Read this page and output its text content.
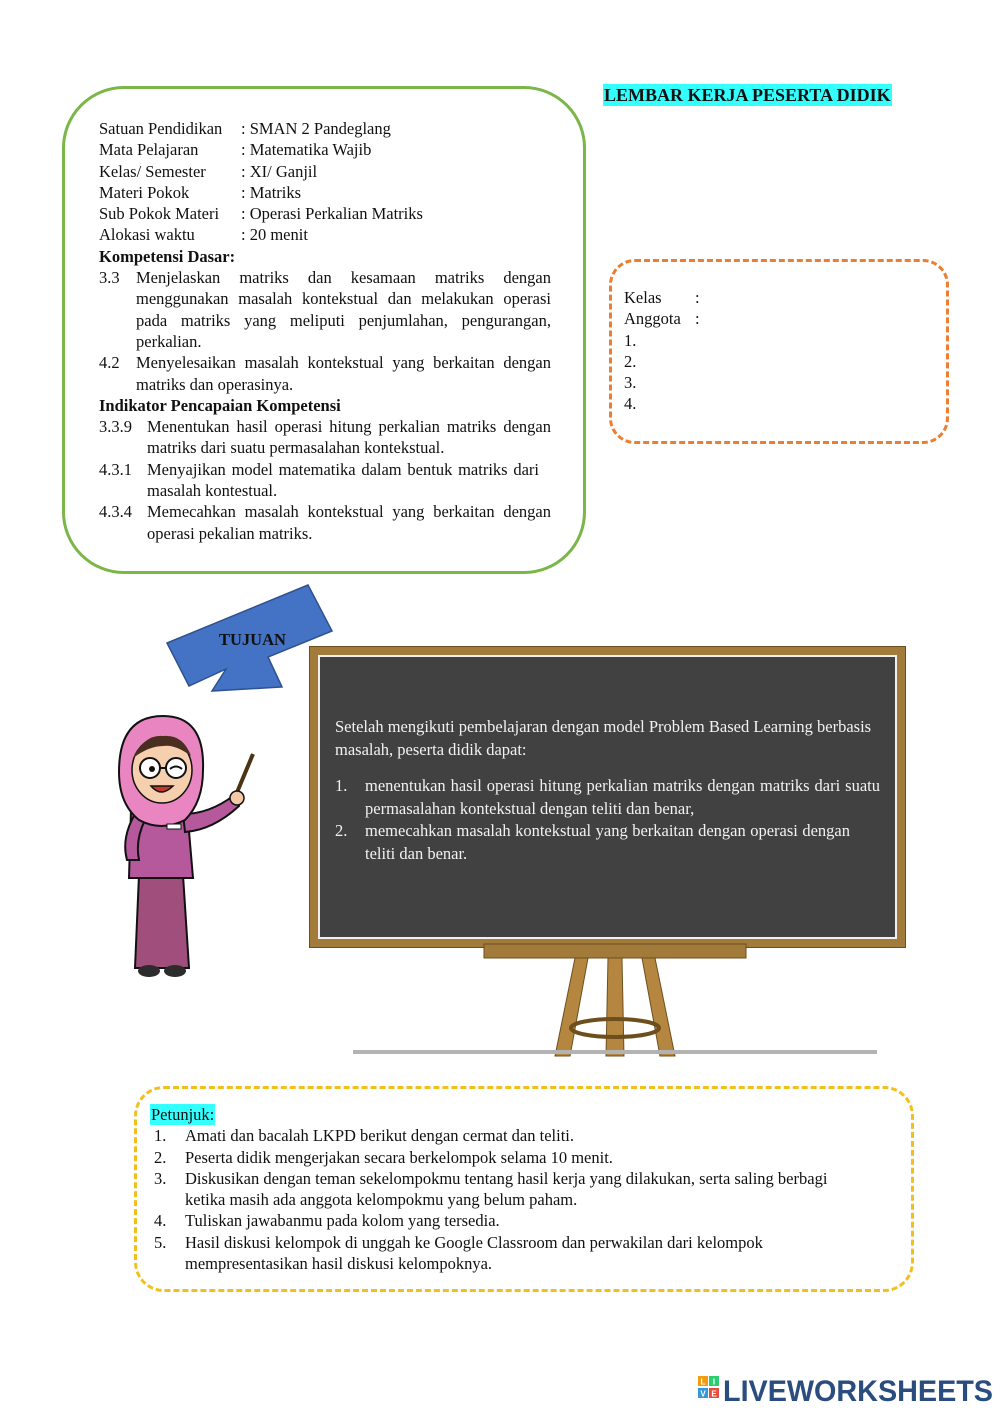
LEMBAR KERJA PESERTA DIDIK
Satuan Pendidikan	: SMAN 2 Pandeglang
Mata Pelajaran	: Matematika Wajib
Kelas/ Semester	: XI/ Ganjil
Materi Pokok	: Matriks
Sub Pokok Materi	: Operasi Perkalian Matriks
Alokasi waktu	: 20 menit
Kompetensi Dasar:
3.3 Menjelaskan matriks dan kesamaan matriks dengan menggunakan masalah kontekstual dan melakukan operasi pada matriks yang meliputi penjumlahan, pengurangan, perkalian.
4.2 Menyelesaikan masalah kontekstual yang berkaitan dengan matriks dan operasinya.
Indikator Pencapaian Kompetensi
3.3.9 Menentukan hasil operasi hitung perkalian matriks dengan matriks dari suatu permasalahan kontekstual.
4.3.1 Menyajikan model matematika dalam bentuk matriks dari masalah kontestual.
4.3.4 Memecahkan masalah kontekstual yang berkaitan dengan operasi pekalian matriks.
Kelas	:
Anggota :
1.
2.
3.
4.
TUJUAN
Setelah mengikuti pembelajaran dengan model Problem Based Learning berbasis masalah, peserta didik dapat:
1.	menentukan hasil operasi hitung perkalian matriks dengan matriks dari suatu permasalahan kontekstual dengan teliti dan benar,
2.	memecahkan masalah kontekstual yang berkaitan dengan operasi dengan teliti dan benar.
Petunjuk:
1.	Amati dan bacalah LKPD berikut dengan cermat dan teliti.
2.	Peserta didik mengerjakan secara berkelompok selama 10 menit.
3.	Diskusikan dengan teman sekelompokmu tentang hasil kerja yang dilakukan, serta saling berbagi ketika masih ada anggota kelompokmu yang belum paham.
4.	Tuliskan jawabanmu pada kolom yang tersedia.
5.	Hasil diskusi kelompok di unggah ke Google Classroom dan perwakilan dari kelompok mempresentasikan hasil diskusi kelompoknya.
L I
V E LIVEWORKSHEETS
